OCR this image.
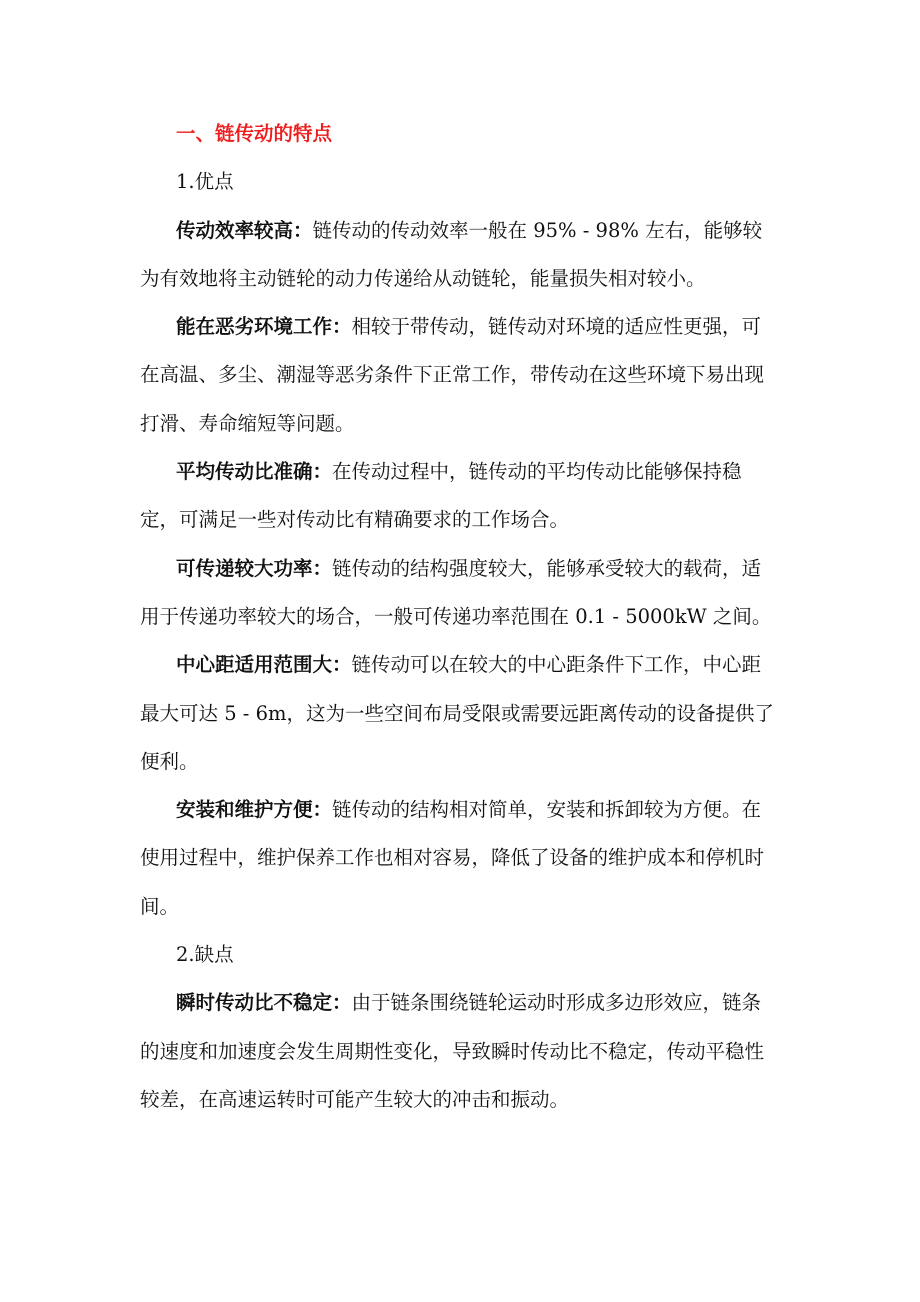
一、链传动的特点
1.优点

传动效率较高：链传动的传动效率一般在 95% - 98% 左右，能够较为有效地将主动链轮的动力传递给从动链轮，能量损失相对较小。

能在恶劣环境工作：相较于带传动，链传动对环境的适应性更强，可在高温、多尘、潮湿等恶劣条件下正常工作，带传动在这些环境下易出现打滑、寿命缩短等问题。

平均传动比准确：在传动过程中，链传动的平均传动比能够保持稳定，可满足一些对传动比有精确要求的工作场合。

可传递较大功率：链传动的结构强度较大，能够承受较大的载荷，适用于传递功率较大的场合，一般可传递功率范围在 0.1 - 5000kW 之间。

中心距适用范围大：链传动可以在较大的中心距条件下工作，中心距最大可达 5 - 6m，这为一些空间布局受限或需要远距离传动的设备提供了便利。

安装和维护方便：链传动的结构相对简单，安装和拆卸较为方便。在使用过程中，维护保养工作也相对容易，降低了设备的维护成本和停机时间。

2.缺点

瞬时传动比不稳定：由于链条围绕链轮运动时形成多边形效应，链条的速度和加速度会发生周期性变化，导致瞬时传动比不稳定，传动平稳性较差，在高速运转时可能产生较大的冲击和振动。
